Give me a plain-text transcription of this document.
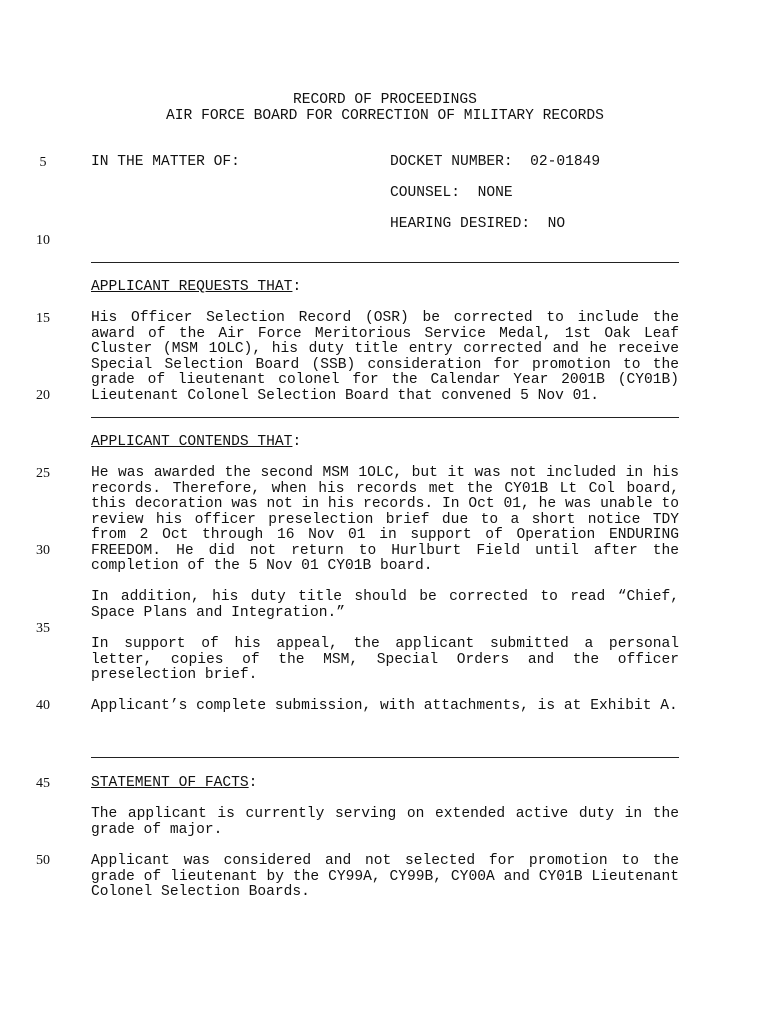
RECORD OF PROCEEDINGS
AIR FORCE BOARD FOR CORRECTION OF MILITARY RECORDS
5
10
15
20
25
30
35
40
45
50
IN THE MATTER OF:	DOCKET NUMBER: 02-01849
COUNSEL: NONE
HEARING DESIRED: NO
APPLICANT REQUESTS THAT:
His Officer Selection Record (OSR) be corrected to include the award of the Air Force Meritorious Service Medal, 1st Oak Leaf Cluster (MSM 1OLC), his duty title entry corrected and he receive Special Selection Board (SSB) consideration for promotion to the grade of lieutenant colonel for the Calendar Year 2001B (CY01B) Lieutenant Colonel Selection Board that convened 5 Nov 01.
APPLICANT CONTENDS THAT:
He was awarded the second MSM 1OLC, but it was not included in his records. Therefore, when his records met the CY01B Lt Col board, this decoration was not in his records. In Oct 01, he was unable to review his officer preselection brief due to a short notice TDY from 2 Oct through 16 Nov 01 in support of Operation ENDURING FREEDOM. He did not return to Hurlburt Field until after the completion of the 5 Nov 01 CY01B board.
In addition, his duty title should be corrected to read “Chief, Space Plans and Integration.”
In support of his appeal, the applicant submitted a personal letter, copies of the MSM, Special Orders and the officer preselection brief.
Applicant’s complete submission, with attachments, is at Exhibit A.
STATEMENT OF FACTS:
The applicant is currently serving on extended active duty in the grade of major.
Applicant was considered and not selected for promotion to the grade of lieutenant by the CY99A, CY99B, CY00A and CY01B Lieutenant Colonel Selection Boards.
